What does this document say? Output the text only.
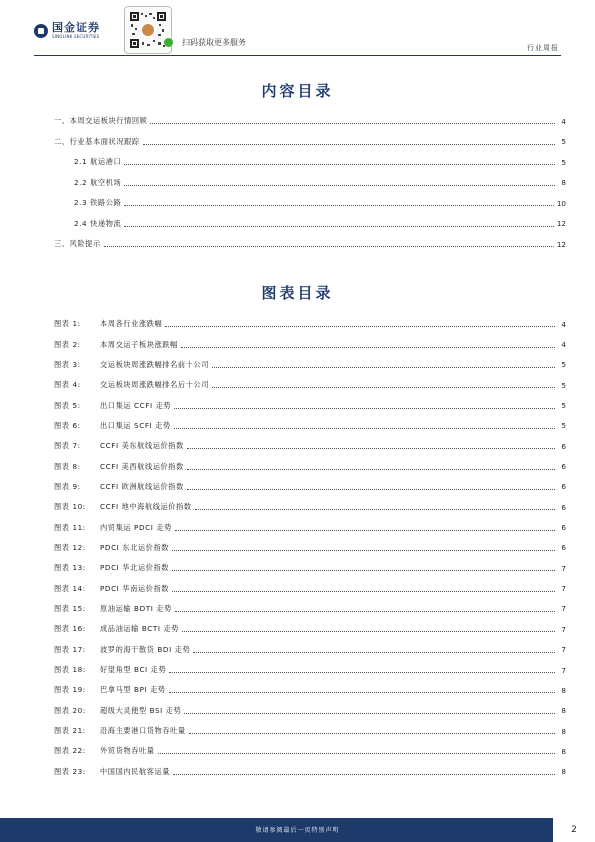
国金证券
SINOLINK SECURITIES
扫码获取更多服务
行业周报
内容目录
一、本周交运板块行情回顾	4
二、行业基本面状况跟踪	5
2.1 航运港口	5
2.2 航空机场	8
2.3 铁路公路	10
2.4 快递物流	12
三、风险提示	12
图表目录
图表 1:	本周各行业涨跌幅	4
图表 2:	本周交运子板块涨跌幅	4
图表 3:	交运板块周涨跌幅排名前十公司	5
图表 4:	交运板块周涨跌幅排名后十公司	5
图表 5:	出口集运 CCFI 走势	5
图表 6:	出口集运 SCFI 走势	5
图表 7:	CCFI 美东航线运价指数	6
图表 8:	CCFI 美西航线运价指数	6
图表 9:	CCFI 欧洲航线运价指数	6
图表 10:	CCFI 地中海航线运价指数	6
图表 11:	内贸集运 PDCI 走势	6
图表 12:	PDCI 东北运价指数	6
图表 13:	PDCI 华北运价指数	7
图表 14:	PDCI 华南运价指数	7
图表 15:	原油运输 BDTI 走势	7
图表 16:	成品油运输 BCTI 走势	7
图表 17:	波罗的海干散货 BDI 走势	7
图表 18:	好望角型 BCI 走势	7
图表 19:	巴拿马型 BPI 走势	8
图表 20:	超级大灵便型 BSI 走势	8
图表 21:	沿海主要港口货物吞吐量	8
图表 22:	外贸货物吞吐量	8
图表 23:	中国国内民航客运量	8
敬请参阅最后一页特别声明	2
